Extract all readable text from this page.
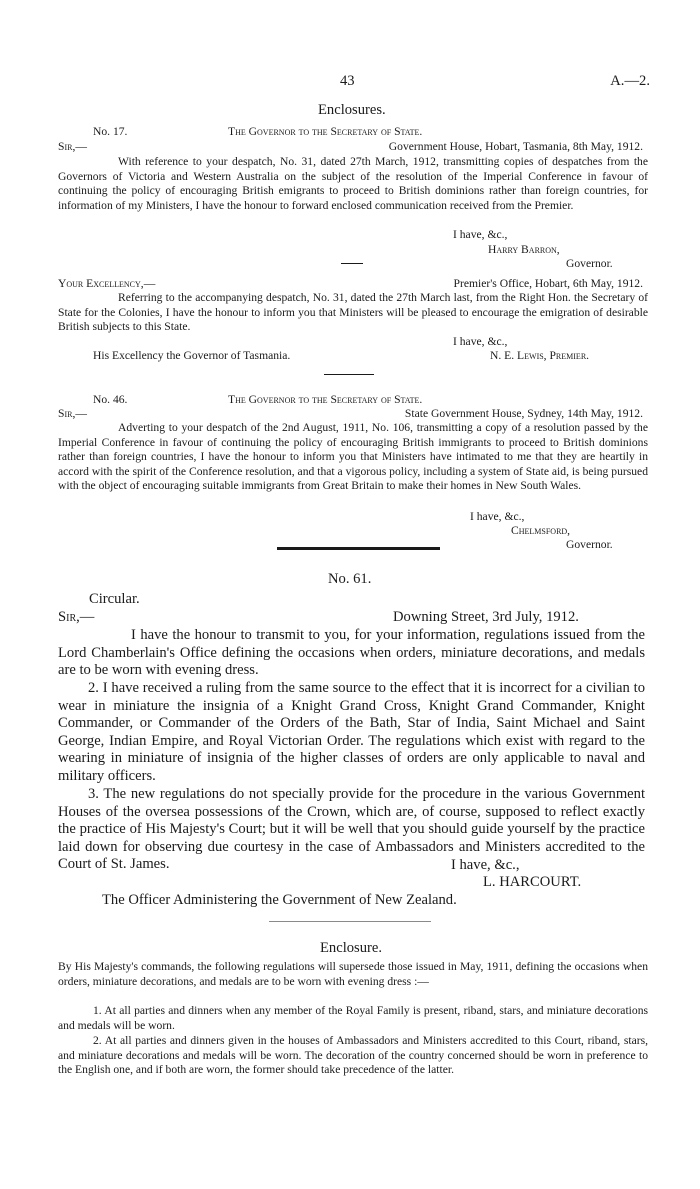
43	A.—2.
Enclosures.
No. 17.	The Governor to the Secretary of State.
Sir,—	Government House, Hobart, Tasmania, 8th May, 1912.
With reference to your despatch, No. 31, dated 27th March, 1912, transmitting copies of despatches from the Governors of Victoria and Western Australia on the subject of the resolution of the Imperial Conference in favour of continuing the policy of encouraging British emigrants to proceed to British dominions rather than foreign countries, for information of my Ministers, I have the honour to forward enclosed communication received from the Premier.
I have, &c.,
Harry Barron,
Governor.
Your Excellency,—	Premier's Office, Hobart, 6th May, 1912.
Referring to the accompanying despatch, No. 31, dated the 27th March last, from the Right Hon. the Secretary of State for the Colonies, I have the honour to inform you that Ministers will be pleased to encourage the emigration of desirable British subjects to this State.
I have, &c.,
His Excellency the Governor of Tasmania.	N. E. Lewis, Premier.
No. 46.	The Governor to the Secretary of State.
Sir,—	State Government House, Sydney, 14th May, 1912.
Adverting to your despatch of the 2nd August, 1911, No. 106, transmitting a copy of a resolution passed by the Imperial Conference in favour of continuing the policy of encouraging British immigrants to proceed to British dominions rather than foreign countries, I have the honour to inform you that Ministers have intimated to me that they are heartily in accord with the spirit of the Conference resolution, and that a vigorous policy, including a system of State aid, is being pursued with the object of encouraging suitable immigrants from Great Britain to make their homes in New South Wales.
I have, &c.,
Chelmsford,
Governor.
No. 61.
Circular.
Sir,—	Downing Street, 3rd July, 1912.
I have the honour to transmit to you, for your information, regulations issued from the Lord Chamberlain's Office defining the occasions when orders, miniature decorations, and medals are to be worn with evening dress.
2. I have received a ruling from the same source to the effect that it is incorrect for a civilian to wear in miniature the insignia of a Knight Grand Cross, Knight Grand Commander, Knight Commander, or Commander of the Orders of the Bath, Star of India, Saint Michael and Saint George, Indian Empire, and Royal Victorian Order. The regulations which exist with regard to the wearing in miniature of insignia of the higher classes of orders are only applicable to naval and military officers.
3. The new regulations do not specially provide for the procedure in the various Government Houses of the oversea possessions of the Crown, which are, of course, supposed to reflect exactly the practice of His Majesty's Court; but it will be well that you should guide yourself by the practice laid down for observing due courtesy in the case of Ambassadors and Ministers accredited to the Court of St. James.	I have, &c.,
L. HARCOURT.
The Officer Administering the Government of New Zealand.
Enclosure.
By His Majesty's commands, the following regulations will supersede those issued in May, 1911, defining the occasions when orders, miniature decorations, and medals are to be worn with evening dress :—
1. At all parties and dinners when any member of the Royal Family is present, riband, stars, and miniature decorations and medals will be worn.
2. At all parties and dinners given in the houses of Ambassadors and Ministers accredited to this Court, riband, stars, and miniature decorations and medals will be worn. The decoration of the country concerned should be worn in preference to the English one, and if both are worn, the former should take precedence of the latter.
